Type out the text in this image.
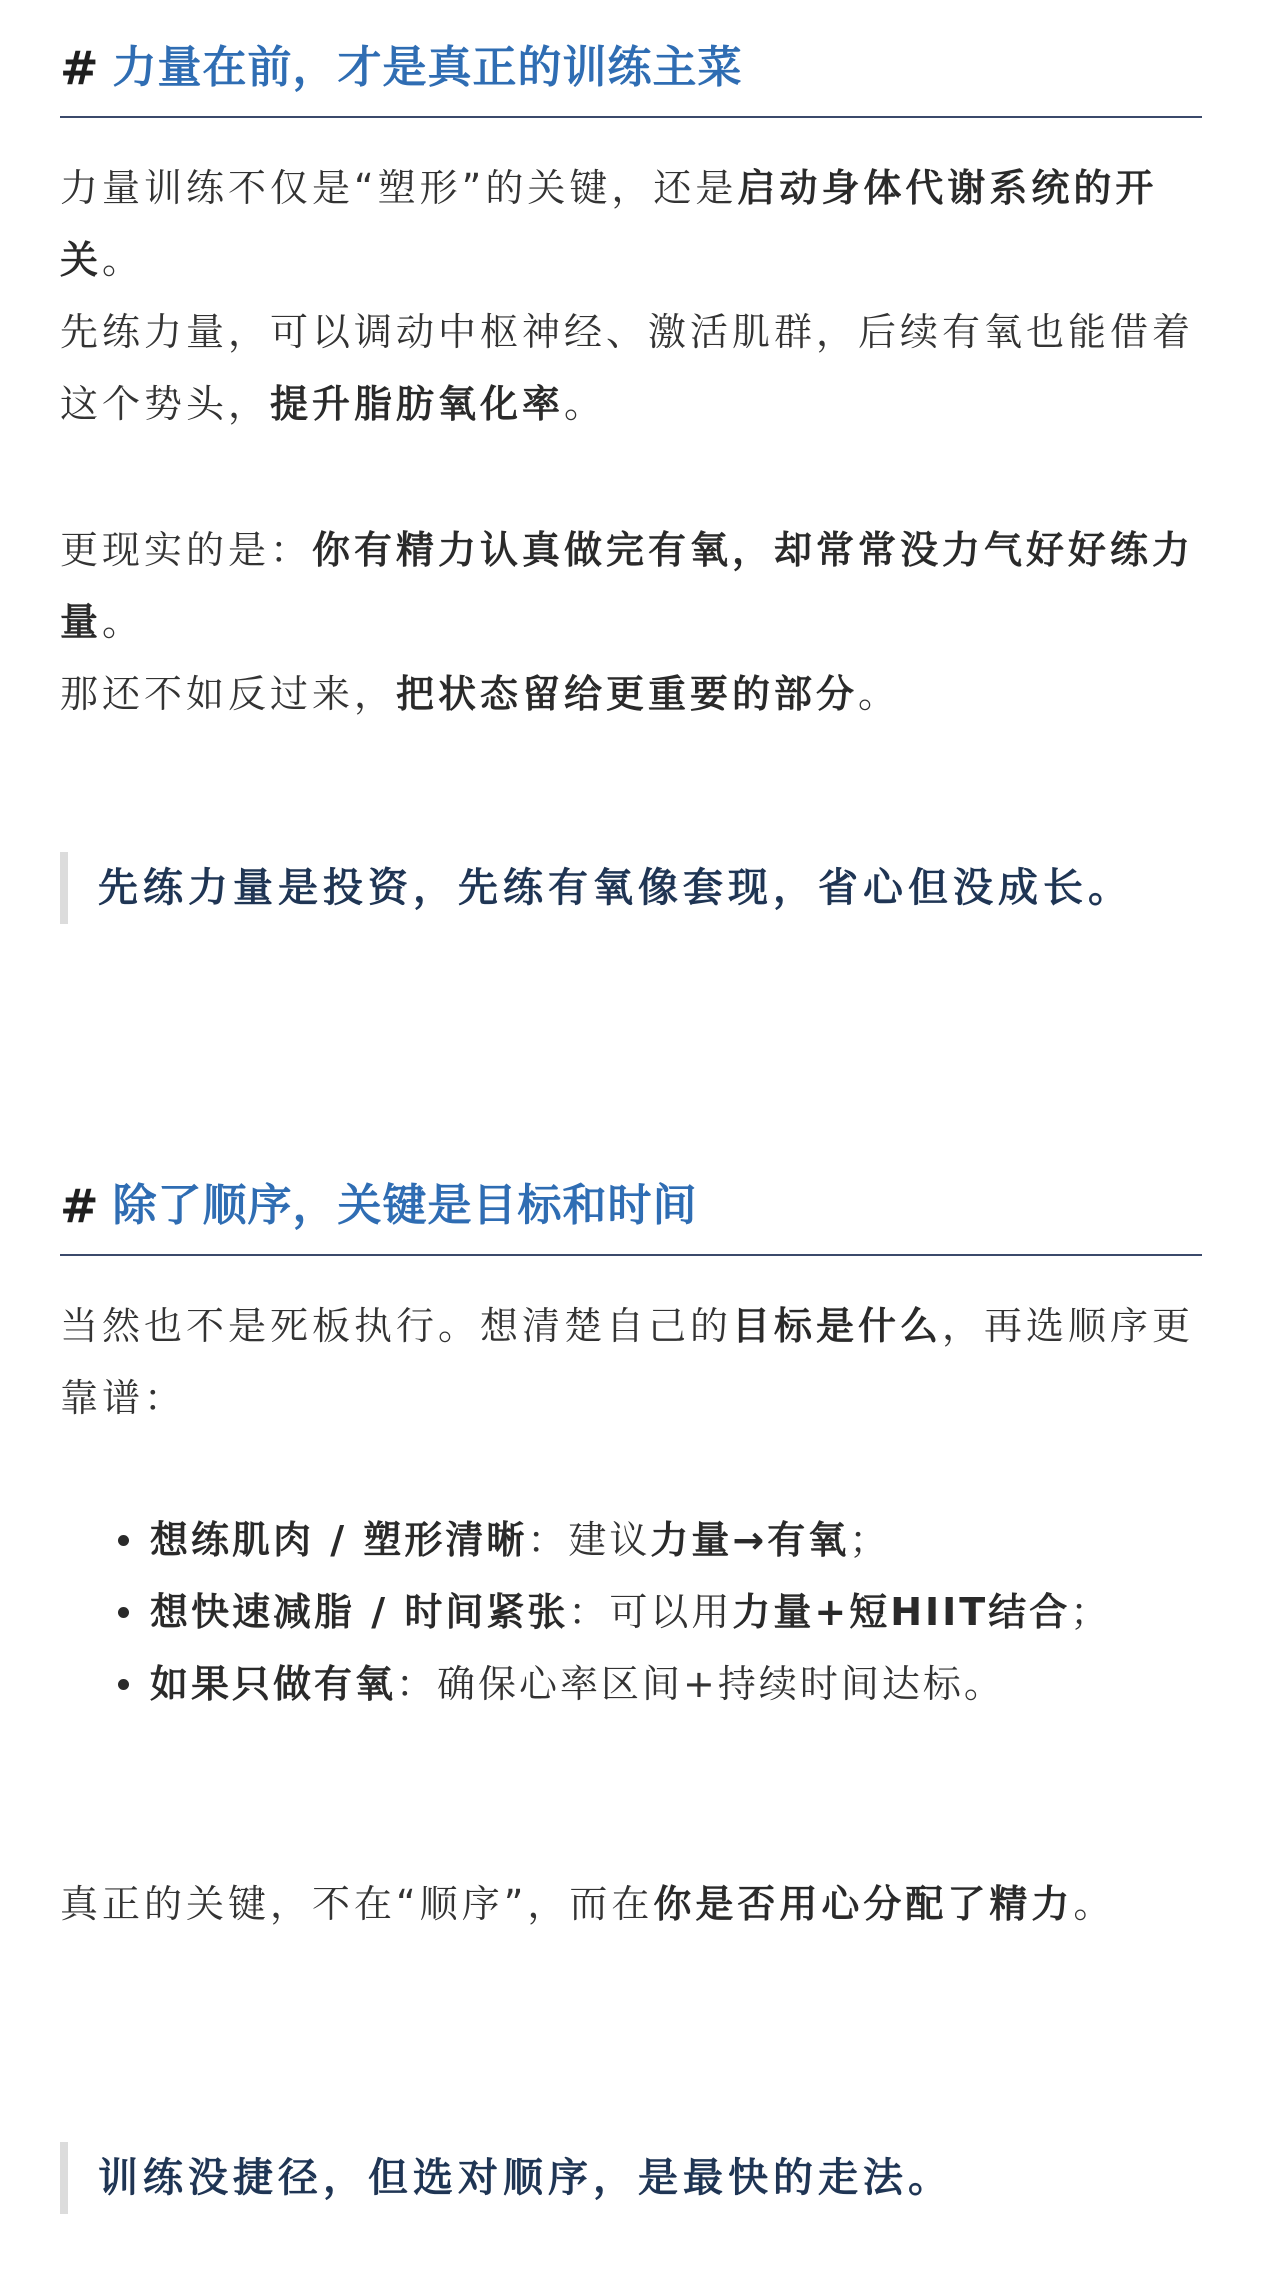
# 力量在前，才是真正的训练主菜

力量训练不仅是“塑形”的关键，还是启动身体代谢系统的开关。

先练力量，可以调动中枢神经、激活肌群，后续有氧也能借着这个势头，提升脂肪氧化率。

更现实的是：你有精力认真做完有氧，却常常没力气好好练力量。

那还不如反过来，把状态留给更重要的部分。

先练力量是投资，先练有氧像套现，省心但没成长。
# 除了顺序，关键是目标和时间

当然也不是死板执行。想清楚自己的目标是什么，再选顺序更靠谱：

想练肌肉 / 塑形清晰：建议力量→有氧；
想快速减脂 / 时间紧张：可以用力量+短HIIT结合；
如果只做有氧：确保心率区间+持续时间达标。

真正的关键，不在“顺序”，而在你是否用心分配了精力。

训练没捷径，但选对顺序，是最快的走法。
